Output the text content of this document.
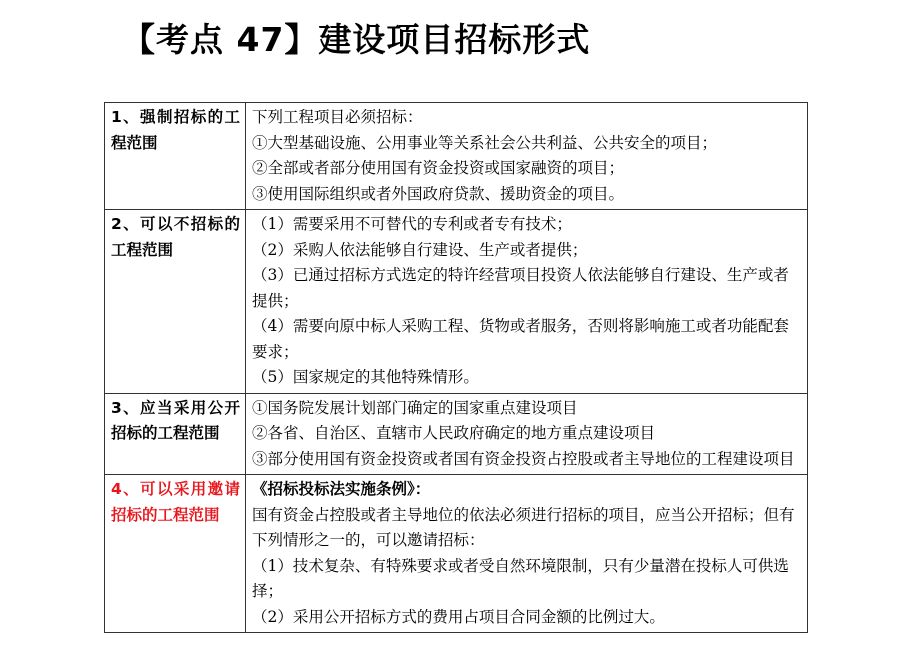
【考点 47】建设项目招标形式
1、强制招标的工程范围	下列工程项目必须招标：
①大型基础设施、公用事业等关系社会公共利益、公共安全的项目；
②全部或者部分使用国有资金投资或国家融资的项目；
③使用国际组织或者外国政府贷款、援助资金的项目。

2、可以不招标的工程范围	（1）需要采用不可替代的专利或者专有技术；
（2）采购人依法能够自行建设、生产或者提供；
（3）已通过招标方式选定的特许经营项目投资人依法能够自行建设、生产或者提供；
（4）需要向原中标人采购工程、货物或者服务，否则将影响施工或者功能配套要求；
（5）国家规定的其他特殊情形。

3、应当采用公开招标的工程范围	①国务院发展计划部门确定的国家重点建设项目
②各省、自治区、直辖市人民政府确定的地方重点建设项目
③部分使用国有资金投资或者国有资金投资占控股或者主导地位的工程建设项目

4、可以采用邀请招标的工程范围	《招标投标法实施条例》：
国有资金占控股或者主导地位的依法必须进行招标的项目，应当公开招标；但有下列情形之一的，可以邀请招标：
（1）技术复杂、有特殊要求或者受自然环境限制，只有少量潜在投标人可供选择；
（2）采用公开招标方式的费用占项目合同金额的比例过大。
